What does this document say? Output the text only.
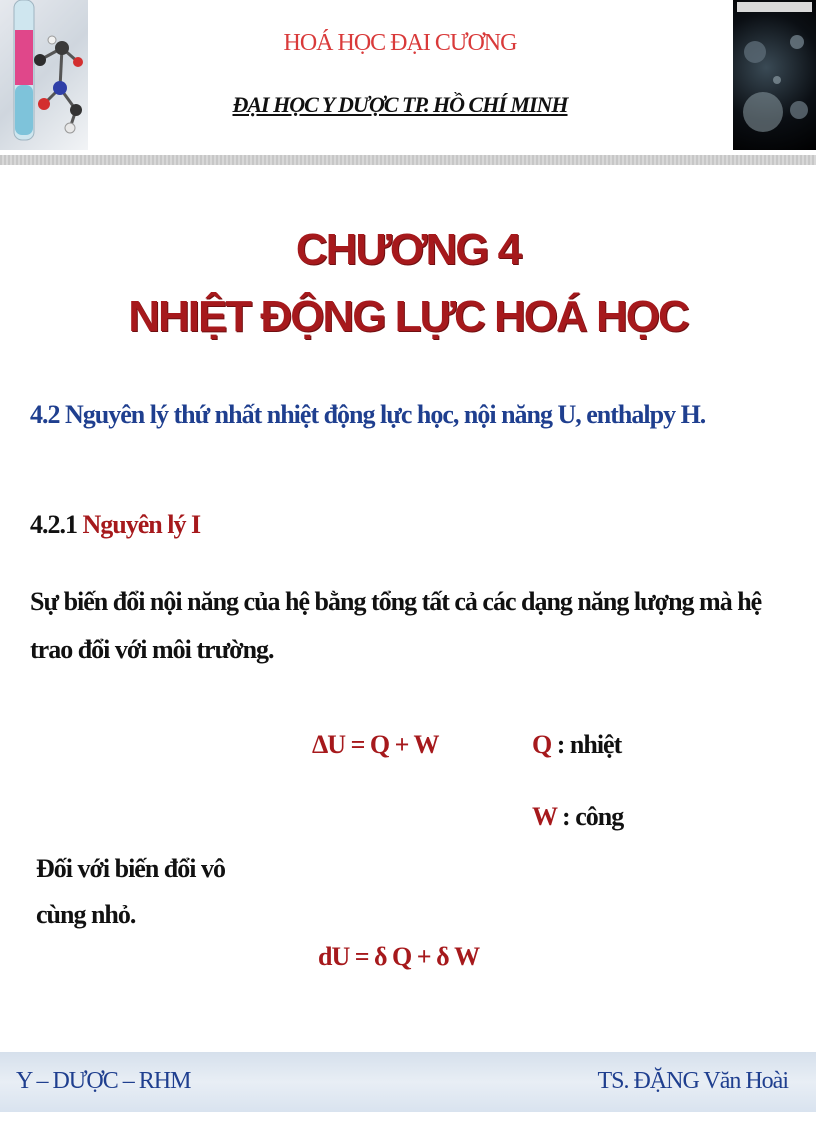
HOÁ HỌC ĐẠI CƯƠNG
ĐẠI HỌC Y DƯỢC TP. HỒ CHÍ MINH
CHƯƠNG 4
NHIỆT ĐỘNG LỰC HOÁ HỌC
4.2 Nguyên lý thứ nhất nhiệt động lực học, nội năng U, enthalpy H.
4.2.1 Nguyên lý I
Sự biến đổi nội năng của hệ bằng tổng tất cả các dạng năng lượng mà hệ trao đổi với môi trường.
ΔU = Q + W	Q : nhiệt
W : công
Đối với biến đổi vô cùng nhỏ.
dU = δ Q + δ W
Y – DƯỢC – RHM	TS. ĐẶNG Văn Hoài
